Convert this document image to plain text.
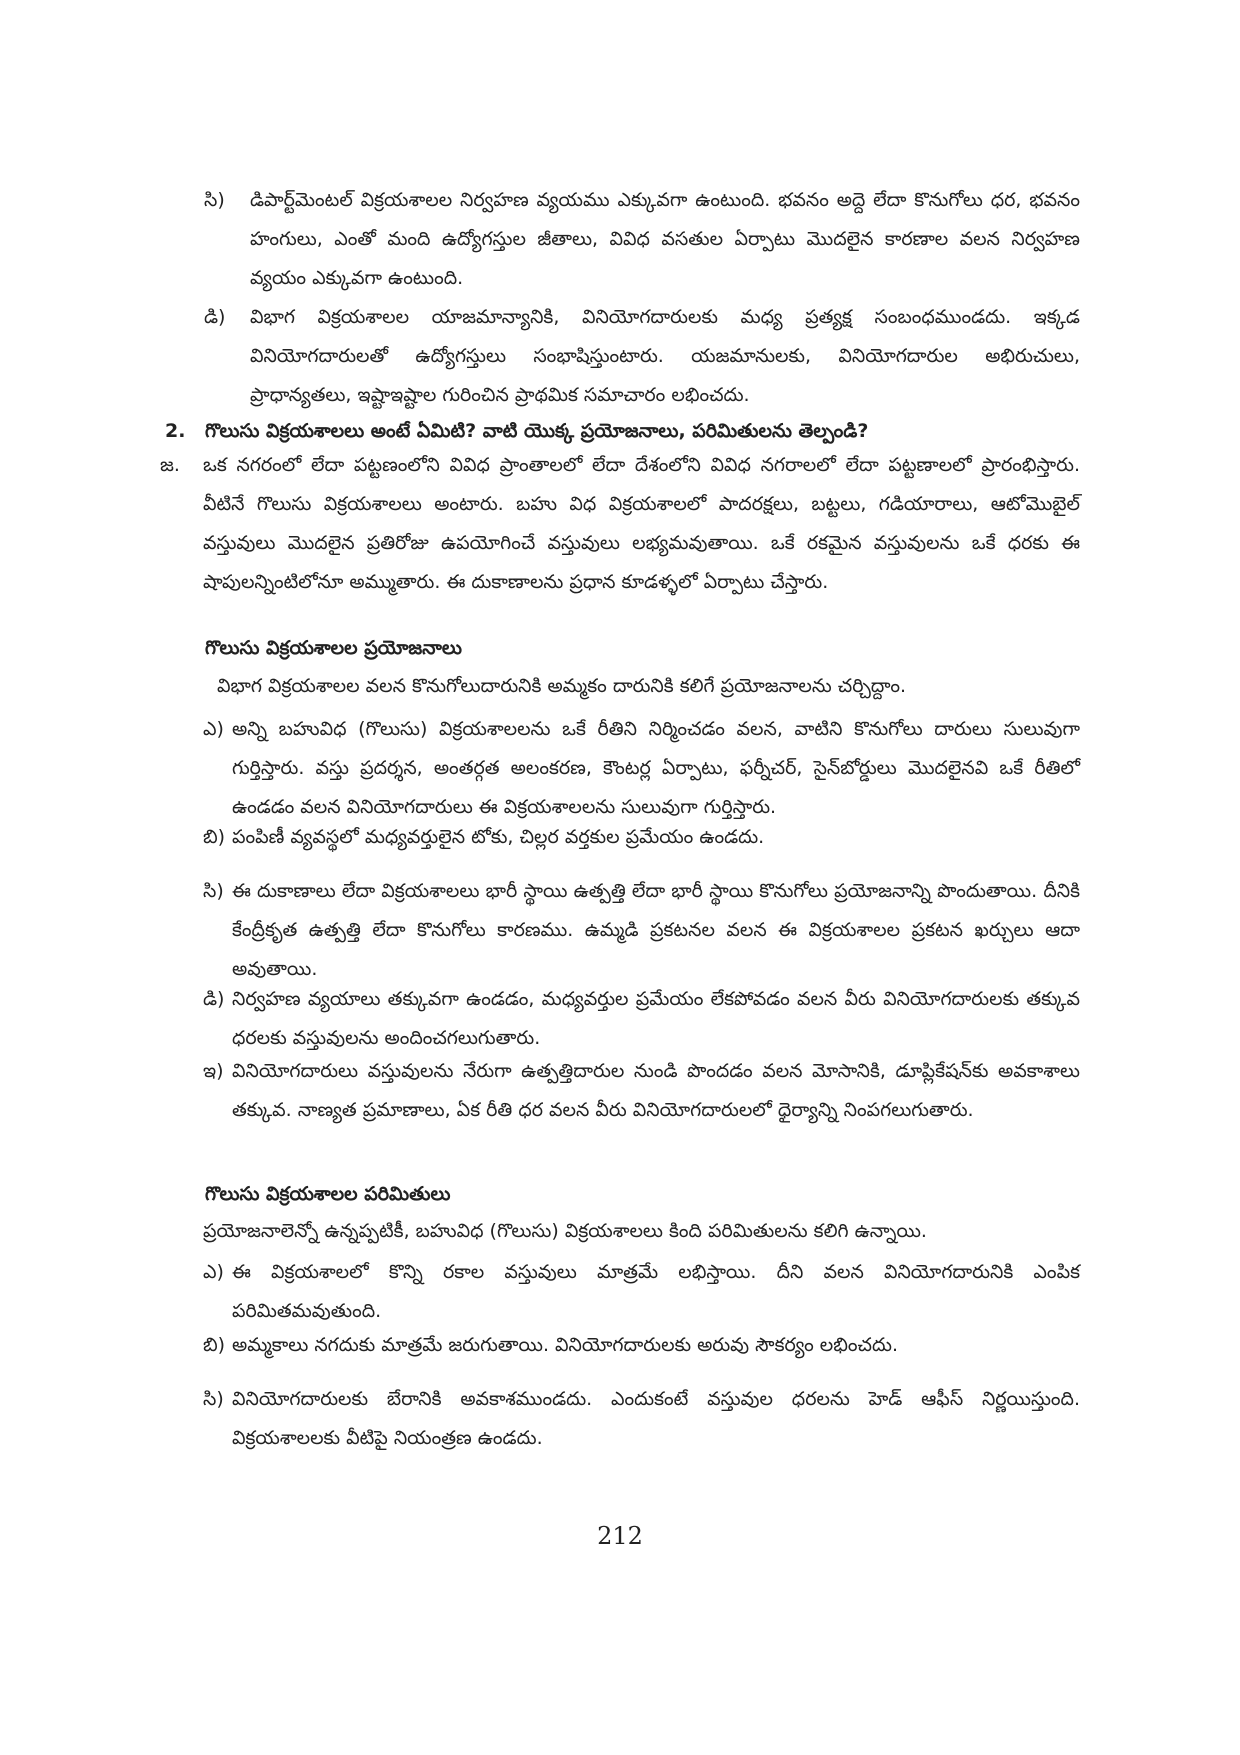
సి) డిపార్ట్‌మెంటల్ విక్రయశాలల నిర్వహణ వ్యయము ఎక్కువగా ఉంటుంది. భవనం అద్దె లేదా కొనుగోలు ధర, భవనం హంగులు, ఎంతో మంది ఉద్యోగస్తుల జీతాలు, వివిధ వసతుల ఏర్పాటు మొదలైన కారణాల వలన నిర్వహణ వ్యయం ఎక్కువగా ఉంటుంది.
డి) విభాగ విక్రయశాలల యాజమాన్యానికి, వినియోగదారులకు మధ్య ప్రత్యక్ష సంబంధముండదు. ఇక్కడ వినియోగదారులతో ఉద్యోగస్తులు సంభాషిస్తుంటారు. యజమానులకు, వినియోగదారుల అభిరుచులు, ప్రాధాన్యతలు, ఇష్టాఇష్టాల గురించిన ప్రాథమిక సమాచారం లభించదు.
2. గొలుసు విక్రయశాలలు అంటే ఏమిటి? వాటి యొక్క ప్రయోజనాలు, పరిమితులను తెల్పండి?
జ. ఒక నగరంలో లేదా పట్టణంలోని వివిధ ప్రాంతాలలో లేదా దేశంలోని వివిధ నగరాలలో లేదా పట్టణాలలో ప్రారంభిస్తారు. వీటినే గొలుసు విక్రయశాలలు అంటారు. బహు విధ విక్రయశాలలో పాదరక్షలు, బట్టలు, గడియారాలు, ఆటోమొబైల్ వస్తువులు మొదలైన ప్రతిరోజు ఉపయోగించే వస్తువులు లభ్యమవుతాయి. ఒకే రకమైన వస్తువులను ఒకే ధరకు ఈ షాపులన్నింటిలోనూ అమ్ముతారు. ఈ దుకాణాలను ప్రధాన కూడళ్ళలో ఏర్పాటు చేస్తారు.
గొలుసు విక్రయశాలల ప్రయోజనాలు
విభాగ విక్రయశాలల వలన కొనుగోలుదారునికి అమ్మకం దారునికి కలిగే ప్రయోజనాలను చర్చిద్దాం.
ఎ) అన్ని బహువిధ (గొలుసు) విక్రయశాలలను ఒకే రీతిని నిర్మించడం వలన, వాటిని కొనుగోలు దారులు సులువుగా గుర్తిస్తారు. వస్తు ప్రదర్శన, అంతర్గత అలంకరణ, కౌంటర్ల ఏర్పాటు, ఫర్నీచర్, సైన్‌బోర్డులు మొదలైనవి ఒకే రీతిలో ఉండడం వలన వినియోగదారులు ఈ విక్రయశాలలను సులువుగా గుర్తిస్తారు.
బి) పంపిణీ వ్యవస్థలో మధ్యవర్తులైన టోకు, చిల్లర వర్తకుల ప్రమేయం ఉండదు.
సి) ఈ దుకాణాలు లేదా విక్రయశాలలు భారీ స్థాయి ఉత్పత్తి లేదా భారీ స్థాయి కొనుగోలు ప్రయోజనాన్ని పొందుతాయి. దీనికి కేంద్రీకృత ఉత్పత్తి లేదా కొనుగోలు కారణము. ఉమ్మడి ప్రకటనల వలన ఈ విక్రయశాలల ప్రకటన ఖర్చులు ఆదా అవుతాయి.
డి) నిర్వహణ వ్యయాలు తక్కువగా ఉండడం, మధ్యవర్తుల ప్రమేయం లేకపోవడం వలన వీరు వినియోగదారులకు తక్కువ ధరలకు వస్తువులను అందించగలుగుతారు.
ఇ) వినియోగదారులు వస్తువులను నేరుగా ఉత్పత్తిదారుల నుండి పొందడం వలన మోసానికి, డూప్లికేషన్‌కు అవకాశాలు తక్కువ. నాణ్యత ప్రమాణాలు, ఏక రీతి ధర వలన వీరు వినియోగదారులలో ధైర్యాన్ని నింపగలుగుతారు.
గొలుసు విక్రయశాలల పరిమితులు
ప్రయోజనాలెన్నో ఉన్నప్పటికీ, బహువిధ (గొలుసు) విక్రయశాలలు కింది పరిమితులను కలిగి ఉన్నాయి.
ఎ) ఈ విక్రయశాలలో కొన్ని రకాల వస్తువులు మాత్రమే లభిస్తాయి. దీని వలన వినియోగదారునికి ఎంపిక పరిమితమవుతుంది.
బి) అమ్మకాలు నగదుకు మాత్రమే జరుగుతాయి. వినియోగదారులకు అరువు సౌకర్యం లభించదు.
సి) వినియోగదారులకు బేరానికి అవకాశముండదు. ఎందుకంటే వస్తువుల ధరలను హెడ్ ఆఫీస్ నిర్ణయిస్తుంది. విక్రయశాలలకు వీటిపై నియంత్రణ ఉండదు.
212
